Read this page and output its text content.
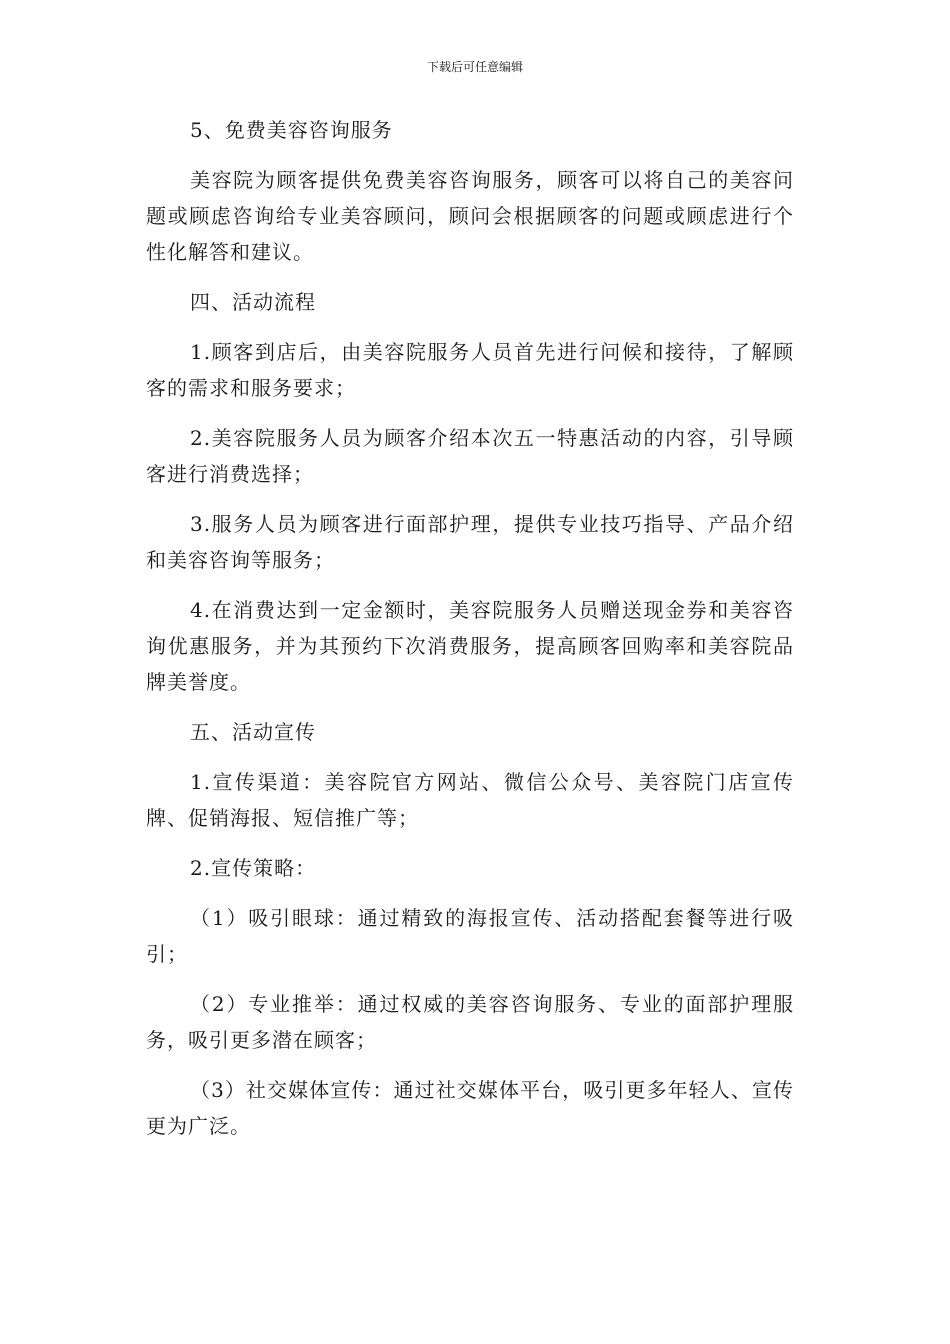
下载后可任意编辑

5、免费美容咨询服务

美容院为顾客提供免费美容咨询服务，顾客可以将自己的美容问题或顾虑咨询给专业美容顾问，顾问会根据顾客的问题或顾虑进行个性化解答和建议。

四、活动流程

1.顾客到店后，由美容院服务人员首先进行问候和接待，了解顾客的需求和服务要求；

2.美容院服务人员为顾客介绍本次五一特惠活动的内容，引导顾客进行消费选择；

3.服务人员为顾客进行面部护理，提供专业技巧指导、产品介绍和美容咨询等服务；

4.在消费达到一定金额时，美容院服务人员赠送现金券和美容咨询优惠服务，并为其预约下次消费服务，提高顾客回购率和美容院品牌美誉度。

五、活动宣传

1.宣传渠道：美容院官方网站、微信公众号、美容院门店宣传牌、促销海报、短信推广等；

2.宣传策略：

（1）吸引眼球：通过精致的海报宣传、活动搭配套餐等进行吸引；

（2）专业推举：通过权威的美容咨询服务、专业的面部护理服务，吸引更多潜在顾客；

（3）社交媒体宣传：通过社交媒体平台，吸引更多年轻人、宣传更为广泛。
